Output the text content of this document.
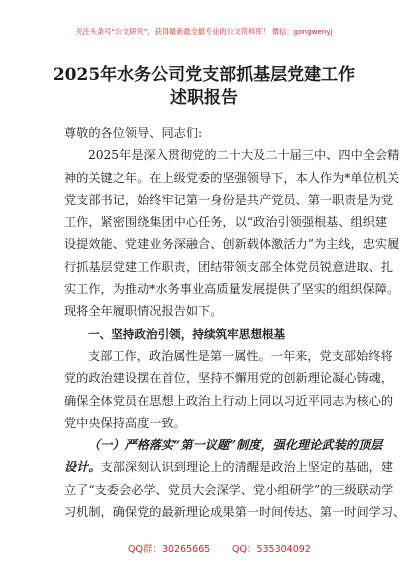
关注头条号“公文研究”，获得最新最全最专业的公文资料库！ 微信：gongwenyj
2025年水务公司党支部抓基层党建工作
述职报告
尊敬的各位领导、同志们:
2025年是深入贯彻党的二十大及二十届三中、四中全会精
神的关键之年。在上级党委的坚强领导下，本人作为*单位机关
党支部书记，始终牢记第一身份是共产党员、第一职责是为党
工作，紧密围绕集团中心任务，以“政治引领强根基、组织建
设提效能、党建业务深融合、创新载体激活力”为主线，忠实履
行抓基层党建工作职责，团结带领支部全体党员锐意进取、扎
实工作，为推动*水务事业高质量发展提供了坚实的组织保障。
现将全年履职情况报告如下。
一、坚持政治引领，持续筑牢思想根基
支部工作，政治属性是第一属性。一年来，党支部始终将
党的政治建设摆在首位，坚持不懈用党的创新理论凝心铸魂，
确保全体党员在思想上政治上行动上同以习近平同志为核心的
党中央保持高度一致。
（一）严格落实“第一议题”制度，强化理论武装的顶层
设计。支部深刻认识到理论上的清醒是政治上坚定的基础，建
立了“支委会必学、党员大会深学、党小组研学”的三级联动学
习机制，确保党的最新理论成果第一时间传达、第一时间学习、
QQ群：30265665 QQ：535304092
